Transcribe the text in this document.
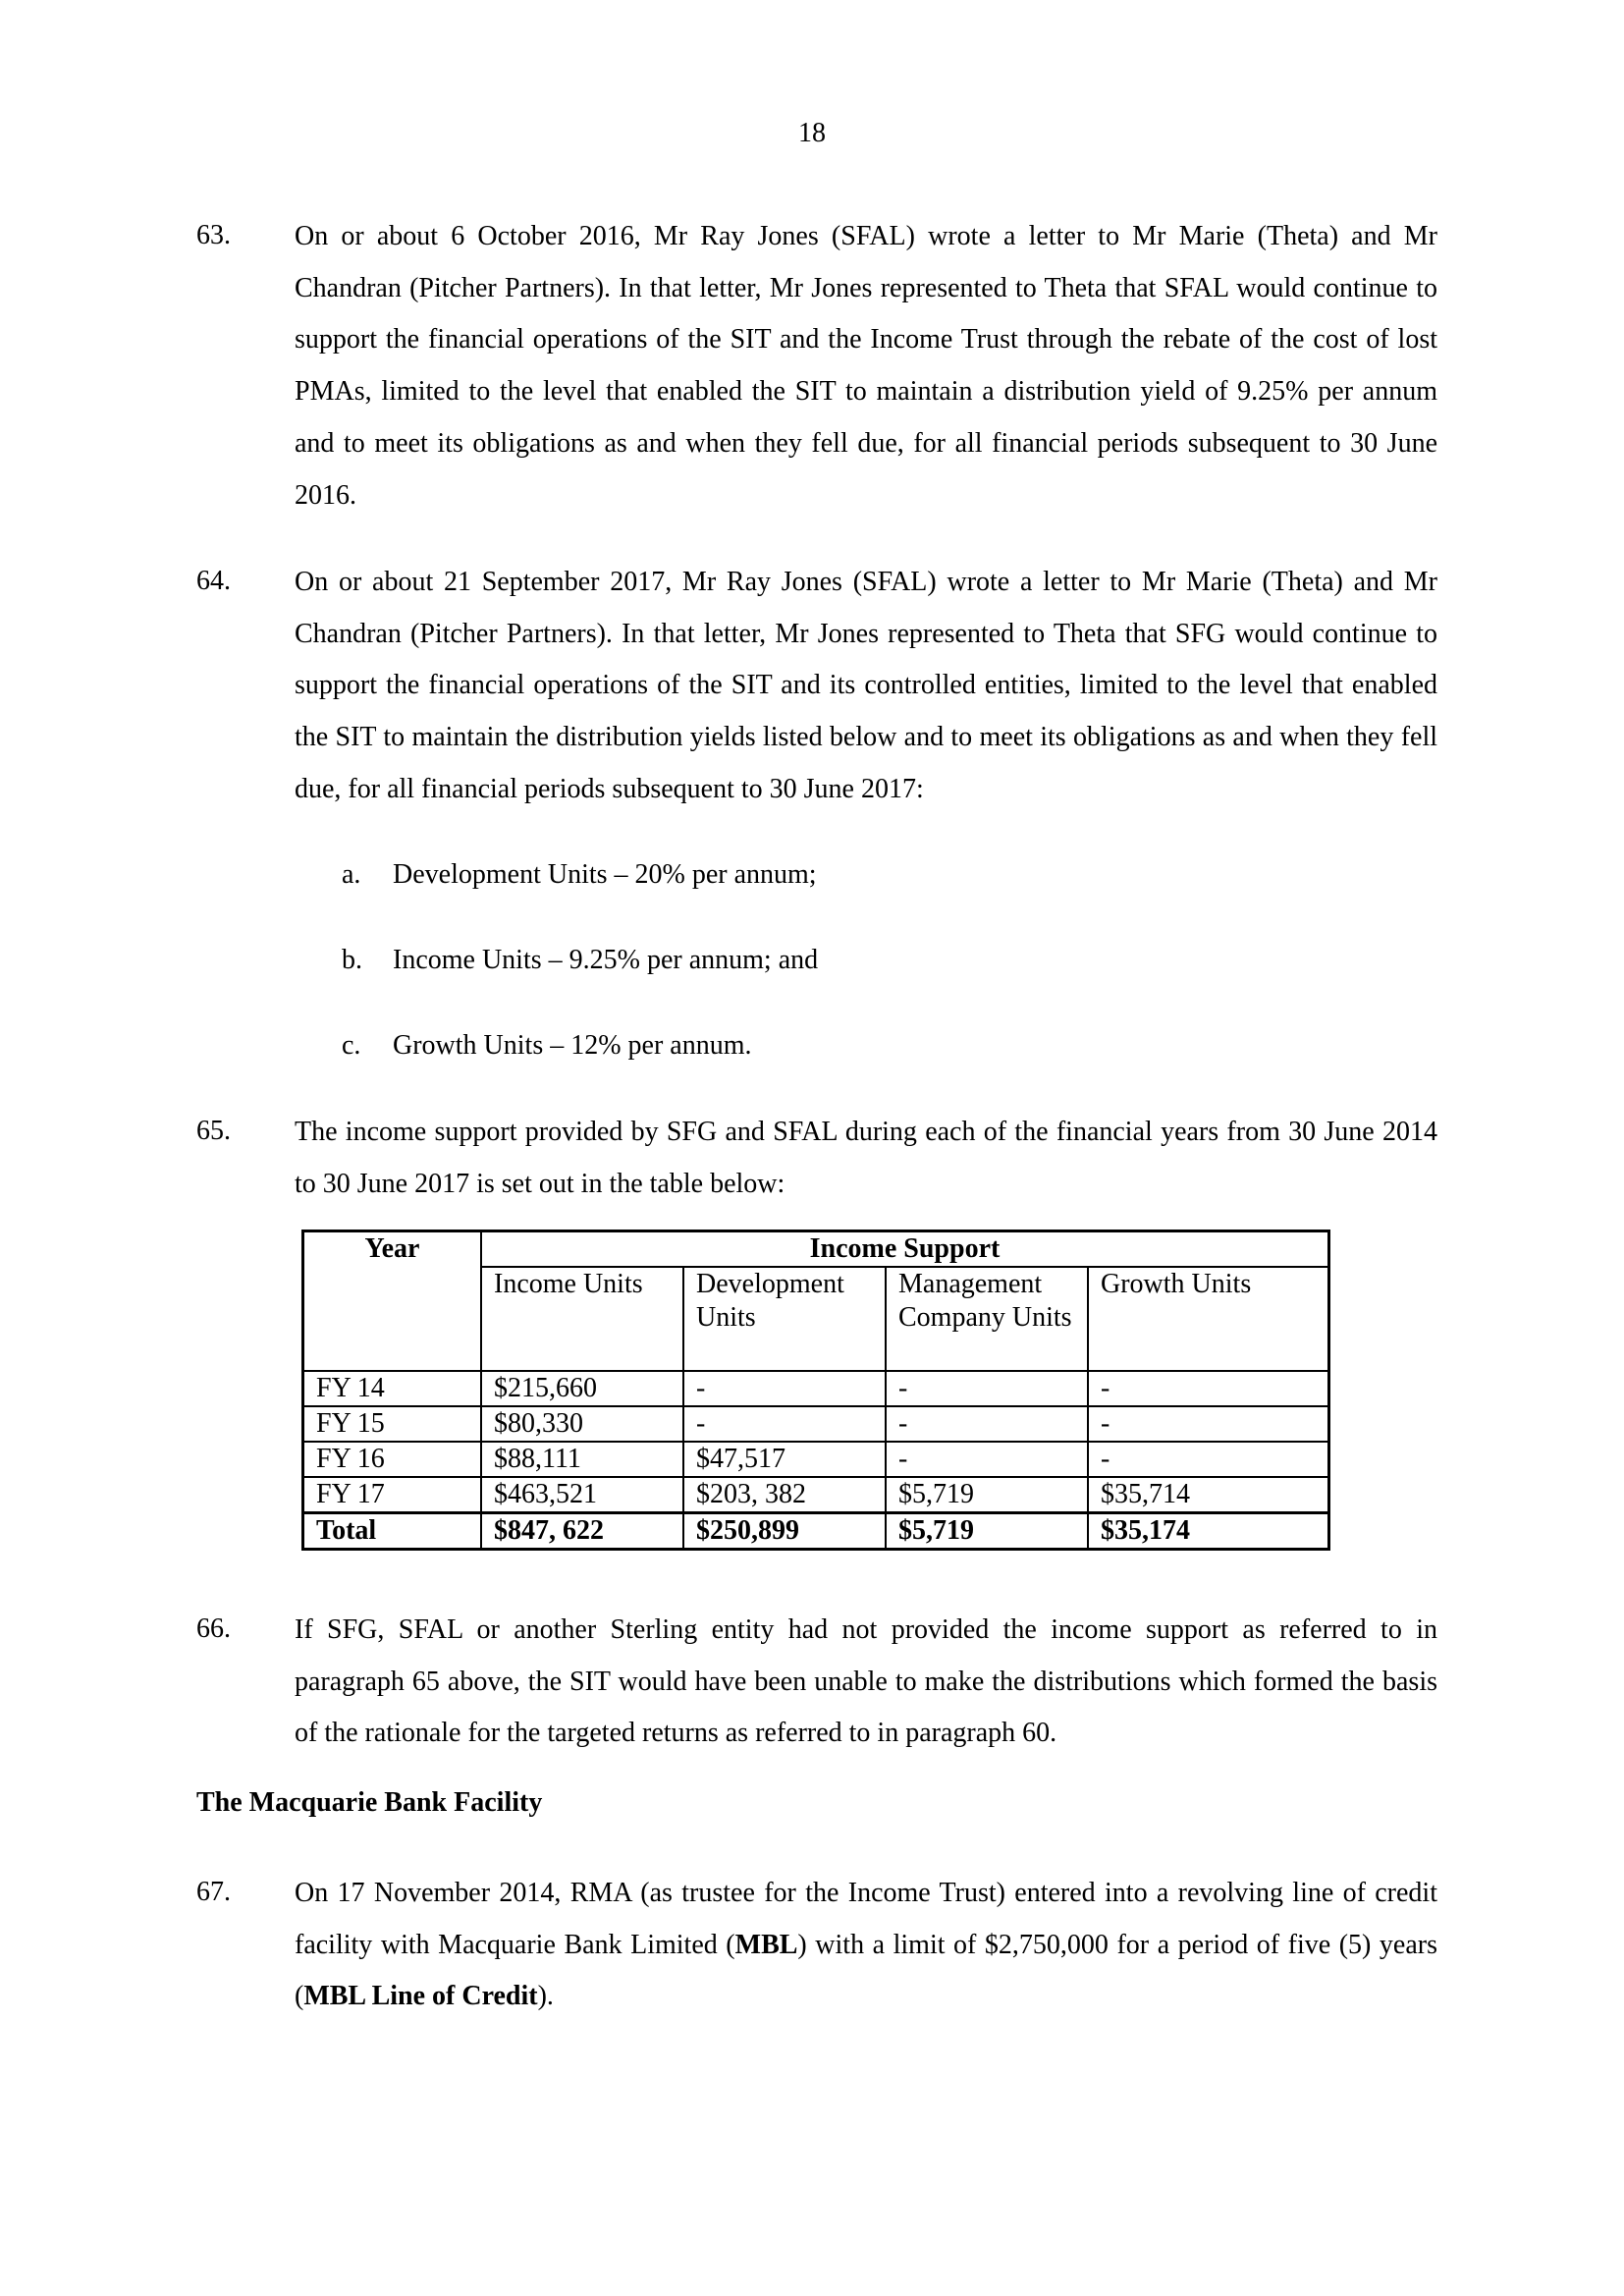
18
63. On or about 6 October 2016, Mr Ray Jones (SFAL) wrote a letter to Mr Marie (Theta) and Mr Chandran (Pitcher Partners). In that letter, Mr Jones represented to Theta that SFAL would continue to support the financial operations of the SIT and the Income Trust through the rebate of the cost of lost PMAs, limited to the level that enabled the SIT to maintain a distribution yield of 9.25% per annum and to meet its obligations as and when they fell due, for all financial periods subsequent to 30 June 2016.
64. On or about 21 September 2017, Mr Ray Jones (SFAL) wrote a letter to Mr Marie (Theta) and Mr Chandran (Pitcher Partners). In that letter, Mr Jones represented to Theta that SFG would continue to support the financial operations of the SIT and its controlled entities, limited to the level that enabled the SIT to maintain the distribution yields listed below and to meet its obligations as and when they fell due, for all financial periods subsequent to 30 June 2017:
a. Development Units – 20% per annum;
b. Income Units – 9.25% per annum; and
c. Growth Units – 12% per annum.
65. The income support provided by SFG and SFAL during each of the financial years from 30 June 2014 to 30 June 2017 is set out in the table below:
Year	Income Support			
	Income Units	Development Units	Management Company Units	Growth Units
FY 14	$215,660	-	-	-
FY 15	$80,330	-	-	-
FY 16	$88,111	$47,517	-	-
FY 17	$463,521	$203, 382	$5,719	$35,714
Total	$847, 622	$250,899	$5,719	$35,174
66. If SFG, SFAL or another Sterling entity had not provided the income support as referred to in paragraph 65 above, the SIT would have been unable to make the distributions which formed the basis of the rationale for the targeted returns as referred to in paragraph 60.
The Macquarie Bank Facility
67. On 17 November 2014, RMA (as trustee for the Income Trust) entered into a revolving line of credit facility with Macquarie Bank Limited (MBL) with a limit of $2,750,000 for a period of five (5) years (MBL Line of Credit).
